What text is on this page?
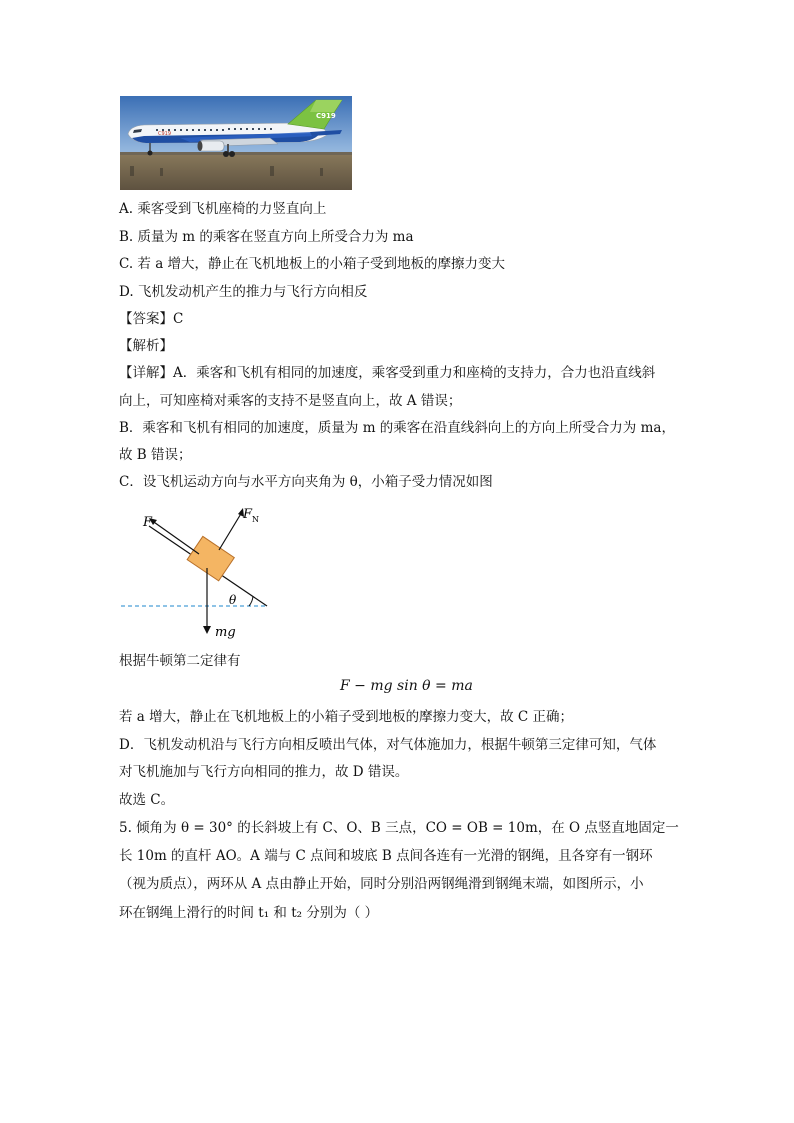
C919
C919
A. 乘客受到飞机座椅的力竖直向上
B. 质量为 m 的乘客在竖直方向上所受合力为 ma
C. 若 a 增大，静止在飞机地板上的小箱子受到地板的摩擦力变大
D. 飞机发动机产生的推力与飞行方向相反
【答案】C
【解析】
【详解】A．乘客和飞机有相同的加速度，乘客受到重力和座椅的支持力，合力也沿直线斜
向上，可知座椅对乘客的支持不是竖直向上，故 A 错误；
B．乘客和飞机有相同的加速度，质量为 m 的乘客在沿直线斜向上的方向上所受合力为 ma，
故 B 错误；
C．设飞机运动方向与水平方向夹角为 θ，小箱子受力情况如图
F
F N
mg
θ
根据牛顿第二定律有
F − mg sin θ = ma
若 a 增大，静止在飞机地板上的小箱子受到地板的摩擦力变大，故 C 正确；
D．飞机发动机沿与飞行方向相反喷出气体，对气体施加力，根据牛顿第三定律可知，气体
对飞机施加与飞行方向相同的推力，故 D 错误。
故选 C。
5. 倾角为 θ = 30° 的长斜坡上有 C、O、B 三点，CO = OB = 10m，在 O 点竖直地固定一
长 10m 的直杆 AO。A 端与 C 点间和坡底 B 点间各连有一光滑的钢绳，且各穿有一钢环
（视为质点），两环从 A 点由静止开始，同时分别沿两钢绳滑到钢绳末端，如图所示，小
环在钢绳上滑行的时间 t₁ 和 t₂ 分别为（ ）
